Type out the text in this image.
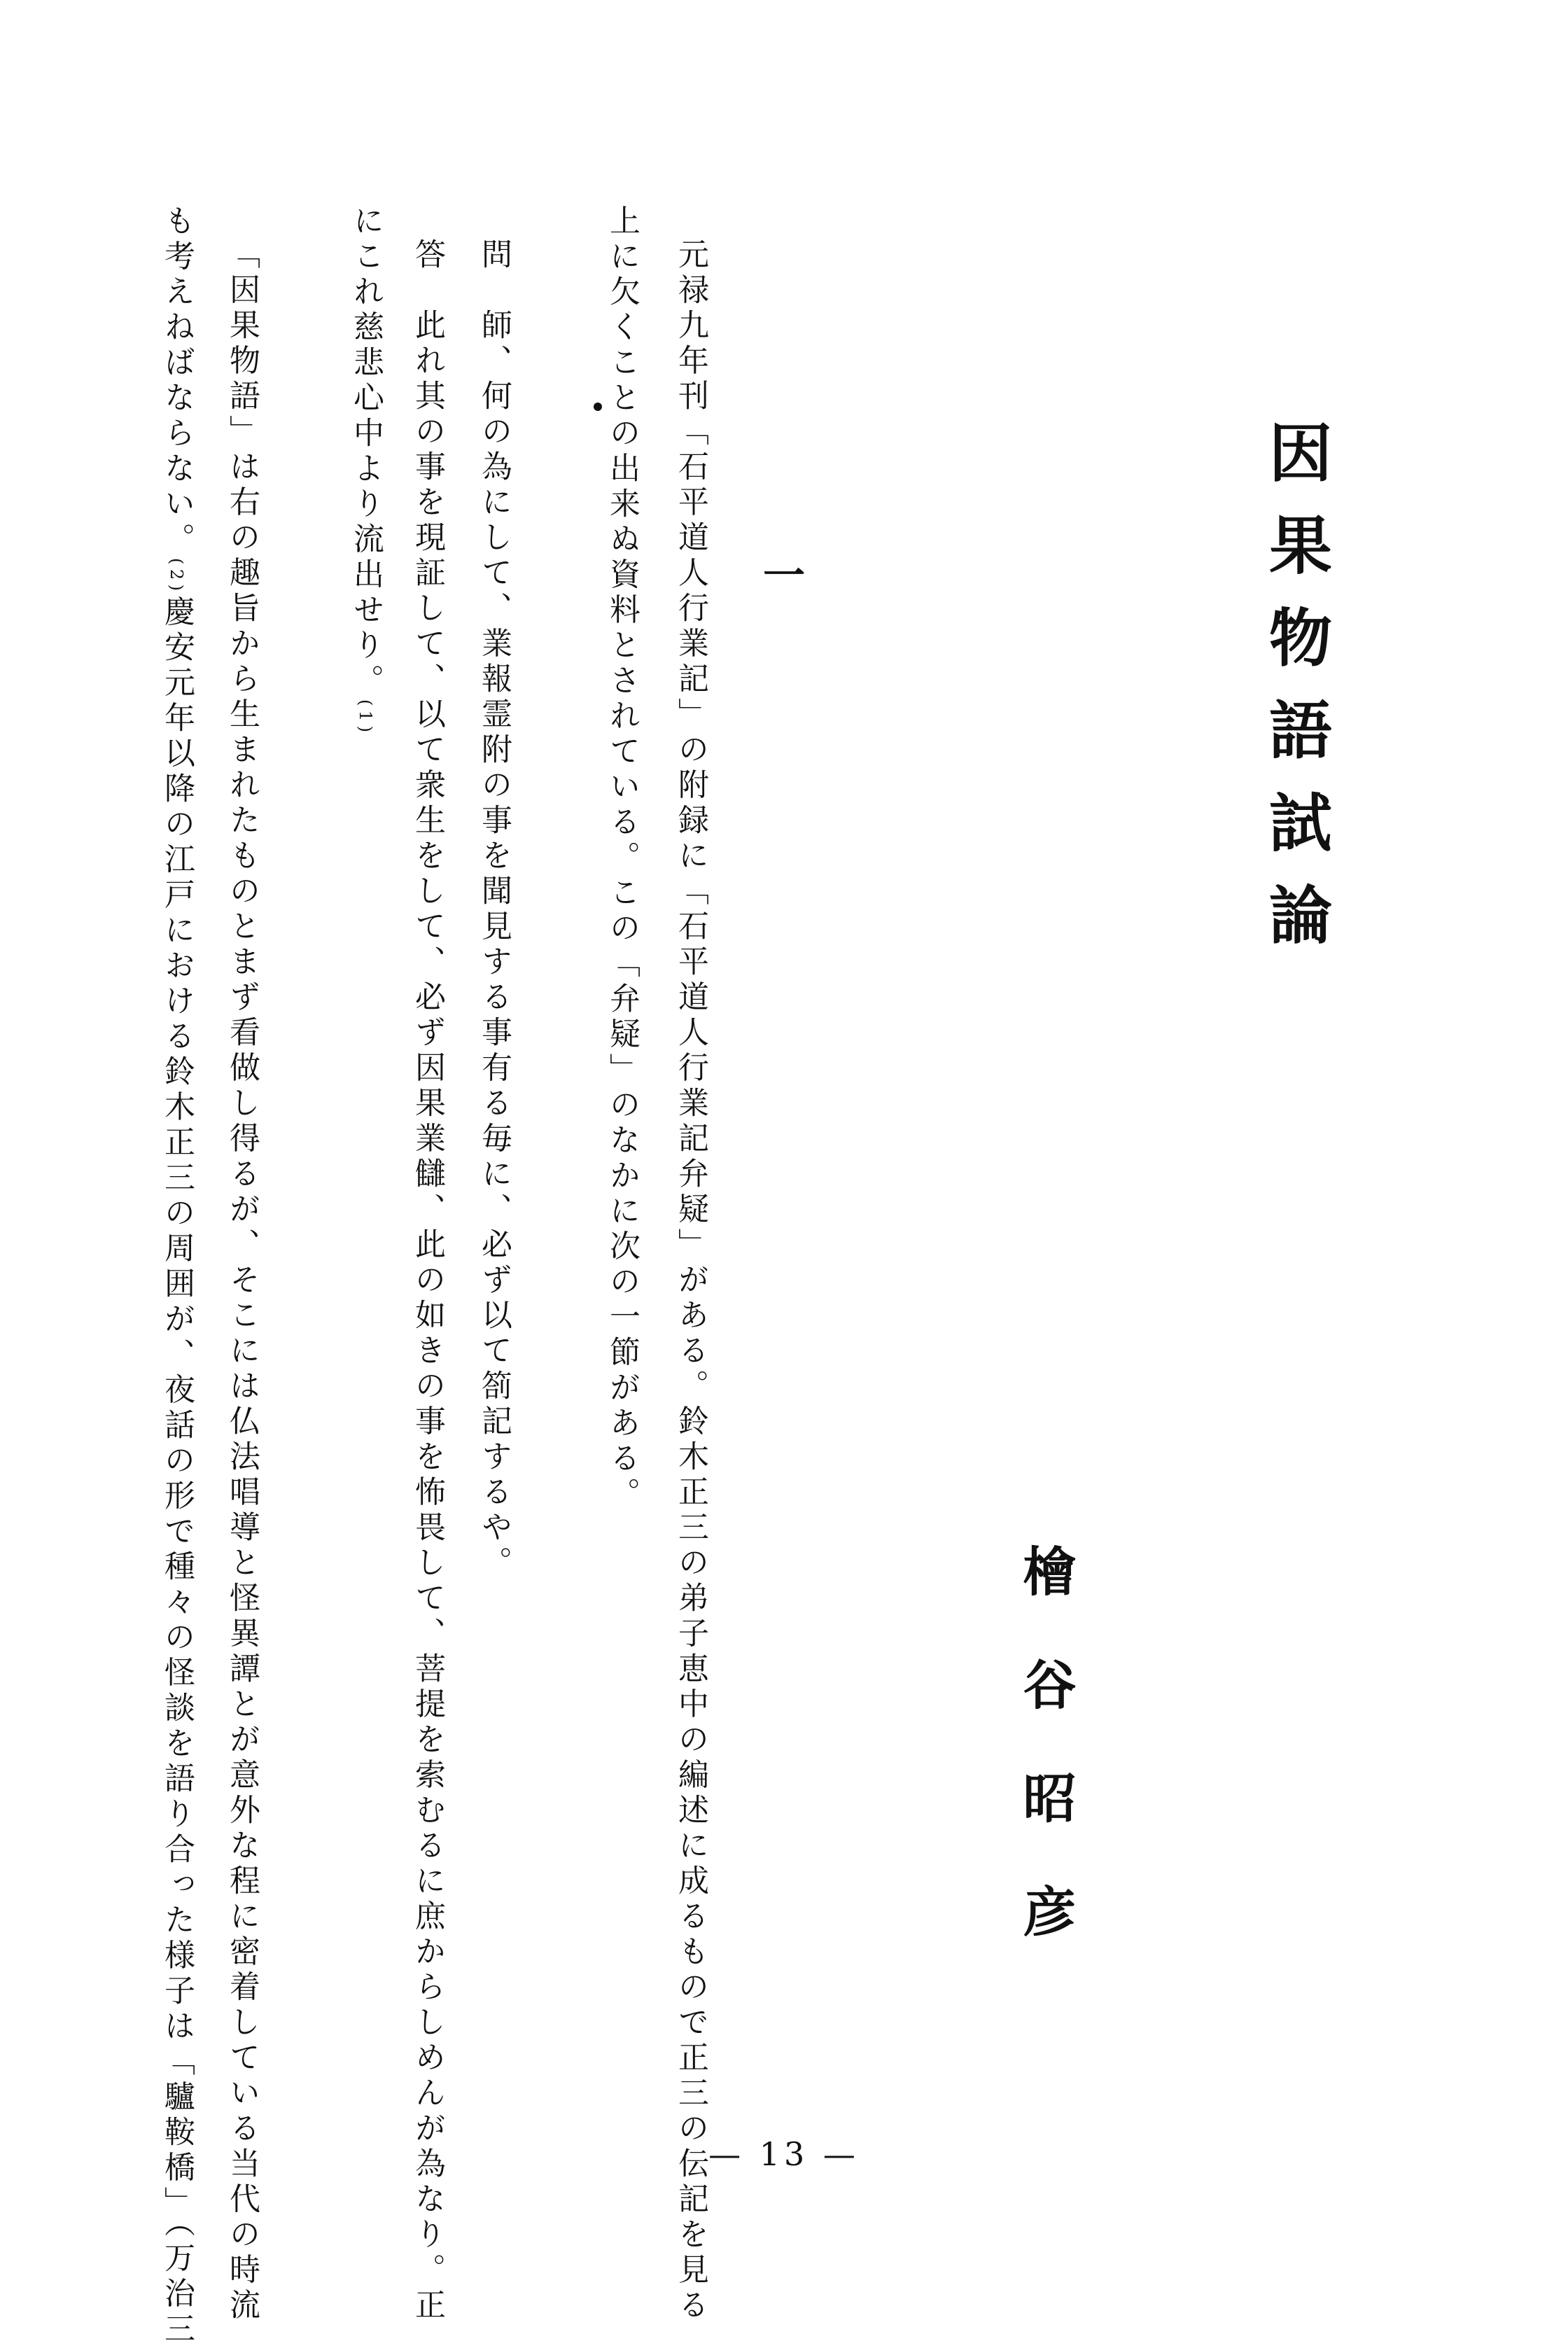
因果物語試論
檜谷昭彦
一
元禄九年刊「石平道人行業記」の附録に「石平道人行業記弁疑」がある。鈴木正三の弟子恵中の編述に成るもので正三の伝記を見る
上に欠くことの出来ぬ資料とされている。この「弁疑」のなかに次の一節がある。
問　師、何の為にして、業報霊附の事を聞見する事有る毎に、必ず以て箚記するや。
答　此れ其の事を現証して、以て衆生をして、必ず因果業讎、此の如きの事を怖畏して、菩提を索むるに庶からしめんが為なり。正
にこれ慈悲心中より流出せり。(1)
「因果物語」は右の趣旨から生まれたものとまず看做し得るが、そこには仏法唱導と怪異譚とが意外な程に密着している当代の時流
も考えねばならない。(2)慶安元年以降の江戸における鈴木正三の周囲が、夜話の形で種々の怪談を語り合った様子は「驢鞍橋」（万治三	— 13 —
